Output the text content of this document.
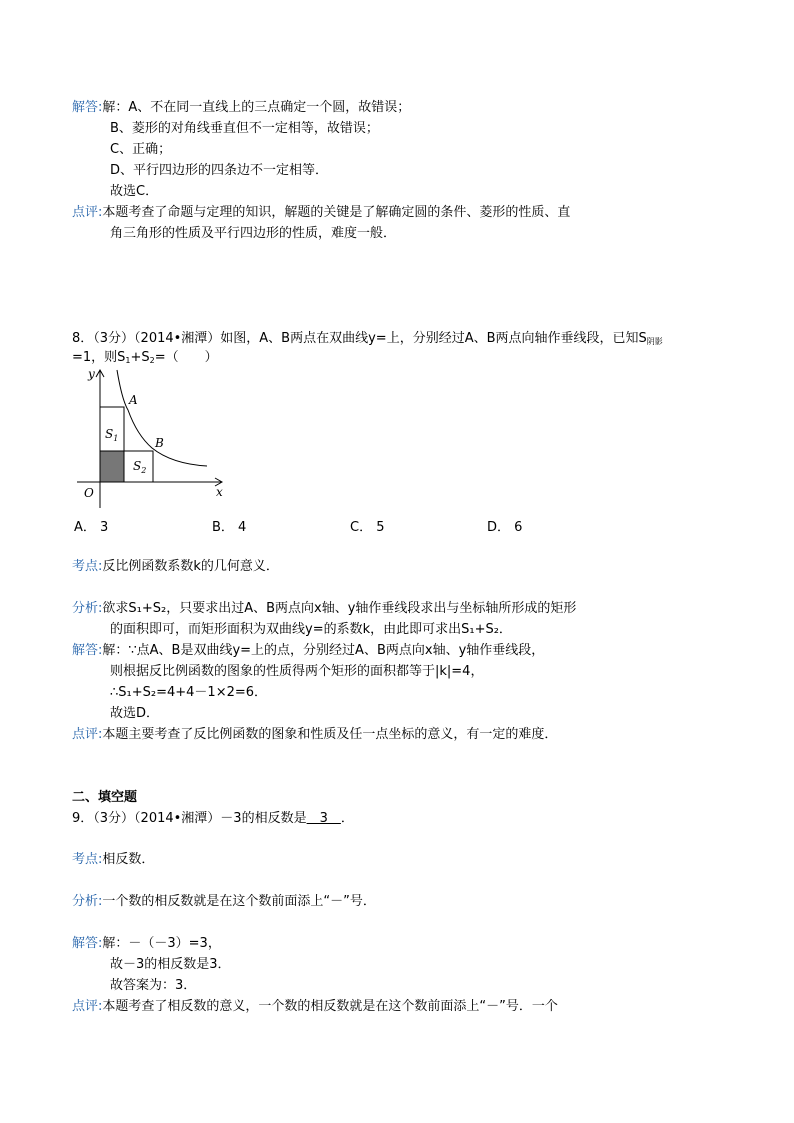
解答:解：A、不在同一直线上的三点确定一个圆，故错误；
B、菱形的对角线垂直但不一定相等，故错误；
C、正确；
D、平行四边形的四条边不一定相等．
故选C．
点评:本题考查了命题与定理的知识，解题的关键是了解确定圆的条件、菱形的性质、直
角三角形的性质及平行四边形的性质，难度一般．
8．（3分）（2014•湘潭）如图，A、B两点在双曲线y=上，分别经过A、B两点向轴作垂线段，已知$S_{阴影}$
=1，则$S_1+S_2=$（　　）
y
x
O
A
B
$S_1$
$S_2$
A． 3	B． 4	C． 5	D． 6
考点:反比例函数系数k的几何意义．
分析:欲求S₁+S₂，只要求出过A、B两点向x轴、y轴作垂线段求出与坐标轴所形成的矩形
的面积即可，而矩形面积为双曲线y=的系数k，由此即可求出S₁+S₂．
解答:解：∵点A、B是双曲线y=上的点，分别经过A、B两点向x轴、y轴作垂线段，
则根据反比例函数的图象的性质得两个矩形的面积都等于|k|=4，
∴S₁+S₂=4+4－1×2=6．
故选D．
点评:本题主要考查了反比例函数的图象和性质及任一点坐标的意义，有一定的难度．
二、填空题
9．（3分）（2014•湘潭）－3的相反数是　3　．
考点:相反数．
分析:一个数的相反数就是在这个数前面添上“－”号．
解答:解：－（－3）=3，
故－3的相反数是3．
故答案为：3．
点评:本题考查了相反数的意义，一个数的相反数就是在这个数前面添上“－”号．一个
